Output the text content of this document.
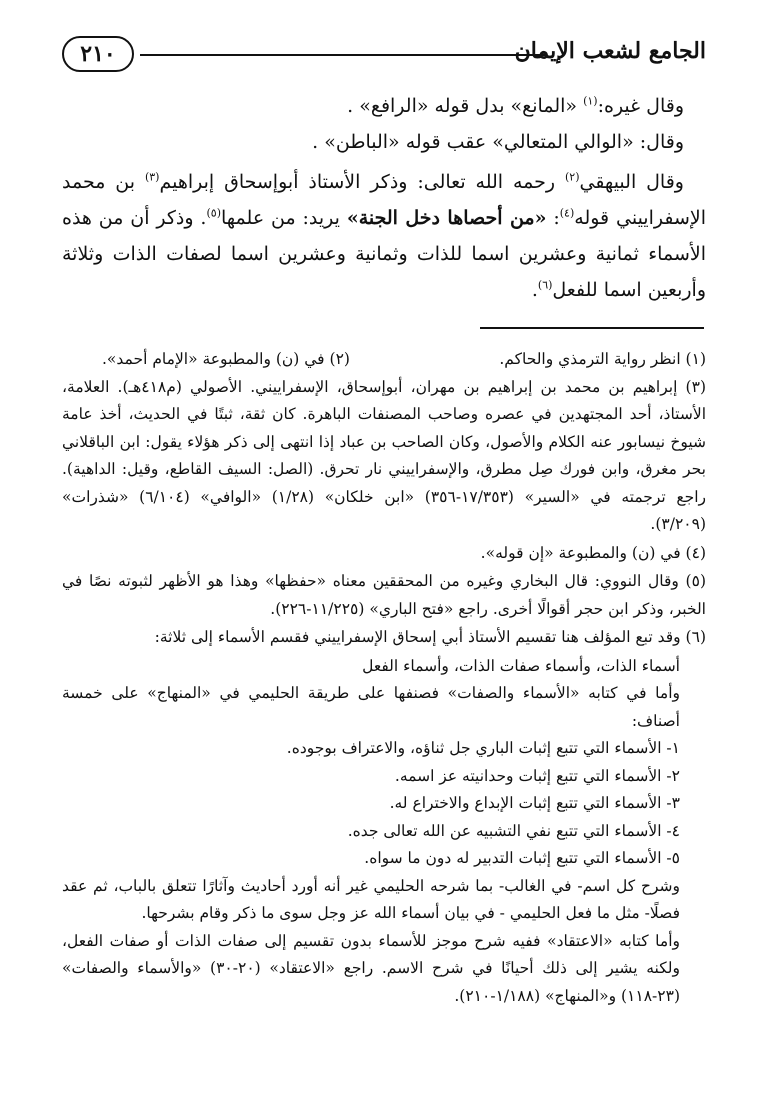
الجامع لشعب الإيمان
٢١٠

وقال غيره:$^{(١)}$ «المانع» بدل قوله «الرافع» .

وقال: «الوالي المتعالي» عقب قوله «الباطن» .

وقال البيهقي$^{(٢)}$ رحمه الله تعالى: وذكر الأستاذ أبوإسحاق إبراهيم$^{(٣)}$ بن محمد الإسفراييني قوله$^{(٤)}$: «من أحصاها دخل الجنة» يريد: من علمها$^{(٥)}$. وذكر أن من هذه الأسماء ثمانية وعشرين اسما للذات وثمانية وعشرين اسما لصفات الذات وثلاثة وأربعين اسما للفعل$^{(٦)}$.

(١) انظر رواية الترمذي والحاكم.
(٢) في (ن) والمطبوعة «الإمام أحمد».

(٣) إبراهيم بن محمد بن إبراهيم بن مهران، أبوإسحاق، الإسفراييني. الأصولي (م٤١٨هـ). العلامة، الأستاذ، أحد المجتهدين في عصره وصاحب المصنفات الباهرة. كان ثقة، ثبتًا في الحديث، أخذ عامة شيوخ نيسابور عنه الكلام والأصول، وكان الصاحب بن عباد إذا انتهى إلى ذكر هؤلاء يقول: ابن الباقلاني بحر مغرق، وابن فورك صِل مطرق، والإسفراييني نار تحرق. (الصل: السيف القاطع، وقيل: الداهية). راجع ترجمته في «السير» (١٧/٣٥٣-٣٥٦) «ابن خلكان» (١/٢٨) «الوافي» (٦/١٠٤) «شذرات» (٣/٢٠٩).

(٤) في (ن) والمطبوعة «إن قوله».

(٥) وقال النووي: قال البخاري وغيره من المحققين معناه «حفظها» وهذا هو الأظهر لثبوته نصًا في الخبر، وذكر ابن حجر أقوالًا أخرى. راجع «فتح الباري» (١١/٢٢٥-٢٢٦).

(٦) وقد تبع المؤلف هنا تقسيم الأستاذ أبي إسحاق الإسفراييني فقسم الأسماء إلى ثلاثة:

أسماء الذات، وأسماء صفات الذات، وأسماء الفعل

وأما في كتابه «الأسماء والصفات» فصنفها على طريقة الحليمي في «المنهاج» على خمسة أصناف:

١- الأسماء التي تتبع إثبات الباري جل ثناؤه، والاعتراف بوجوده.

٢- الأسماء التي تتبع إثبات وحدانيته عز اسمه.

٣- الأسماء التي تتبع إثبات الإبداع والاختراع له.

٤- الأسماء التي تتبع نفي التشبيه عن الله تعالى جده.

٥- الأسماء التي تتبع إثبات التدبير له دون ما سواه.

وشرح كل اسم- في الغالب- بما شرحه الحليمي غير أنه أورد أحاديث وآثارًا تتعلق بالباب، ثم عقد فصلًا- مثل ما فعل الحليمي - في بيان أسماء الله عز وجل سوى ما ذكر وقام بشرحها.

وأما كتابه «الاعتقاد» ففيه شرح موجز للأسماء بدون تقسيم إلى صفات الذات أو صفات الفعل، ولكنه يشير إلى ذلك أحيانًا في شرح الاسم. راجع «الاعتقاد» (٢٠-٣٠) «والأسماء والصفات» (٢٣-١١٨) و«المنهاج» (١/١٨٨-٢١٠).
